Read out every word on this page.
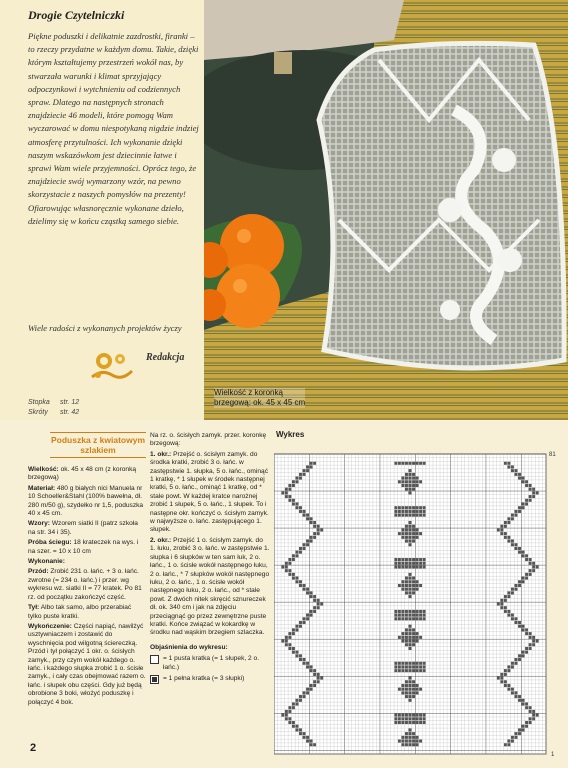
Drogie Czytelniczki

Piękne poduszki i delikatnie zazdrostki, firanki – to rzeczy przydatne w każdym domu. Takie, dzięki którym kształtujemy przestrzeń wokół nas, by stwarzała warunki i klimat sprzyjający odpoczynkowi i wytchnieniu od codziennych spraw. Dlatego na następnych stronach znajdziecie 46 modeli, które pomogą Wam wyczarować w domu niespotykaną nigdzie indziej atmosferę przytulności. Ich wykonanie dzięki naszym wskazówkom jest dziecinnie łatwe i sprawi Wam wiele przyjemności. Oprócz tego, że znajdziecie swój wymarzony wzór, na pewno skorzystacie z naszych pomysłów na prezenty! Ofiarowując własnoręcznie wykonane dzieło, dzielimy się w końcu cząstką samego siebie.

Wiele radości z wykonanych projektów życzy
Redakcja
Stopka str. 12
Skróty str. 42
Wielkość z koronką
brzegową: ok. 45 x 45 cm
Poduszka z kwiatowym szlakiem

Wielkość: ok. 45 x 48 cm (z koronką brzegową)

Materiał: 480 g białych nici Manuela nr 10 Schoeller&Stahl (100% bawełna, dł. 280 m/50 g), szydełko nr 1,5, poduszka 40 x 45 cm.

Wzory: Wzorem siatki II (patrz szkoła na str. 34 i 35).

Próba ściegu: 18 krateczek na wys. i na szer. = 10 x 10 cm

Wykonanie:

Przód: Zrobić 231 o. łańc. + 3 o. łańc. zwrotne (= 234 o. łańc.) i przer. wg wykresu wz. siatki II = 77 kratek. Po 81 rz. od początku zakończyć część.

Tył: Albo tak samo, albo przerabiać tylko puste kratki.

Wykończenie: Części napiąć, nawilżyć usztywniaczem i zostawić do wyschnięcia pod wilgotną ściereczką. Przód i tył połączyć 1 okr. o. ścisłych zamyk., przy czym wokół każdego o. łańc. i każdego słupka zrobić 1 o. ścisłe zamyk., i cały czas obejmować razem o. łańc. i słupek obu części. Gdy już będą obrobione 3 boki, włożyć poduszkę i połączyć 4 bok.

Na rz. o. ścisłych zamyk. przer. koronkę brzegową:

1. okr.: Przejść o. ścisłym zamyk. do środka kratki, zrobić 3 o. łańc. w zastępstwie 1. słupka, 5 o. łańc., ominąć 1 kratkę, * 1 słupek w środek następnej kratki, 5 o. łańc., ominąć 1 kratkę, od * stale powt. W każdej kratce narożnej zrobić 1 słupek, 5 o. łańc., 1 słupek. To i następne okr. kończyć o. ścisłym zamyk. w najwyższe o. łańc. zastępującego 1. słupek.

2. okr.: Przejść 1 o. ścisłym zamyk. do 1. łuku, zrobić 3 o. łańc. w zastępstwie 1. słupka i 6 słupków w ten sam łuk, 2 o. łańc., 1 o. ścisłe wokół następnego łuku, 2 o. łańc., * 7 słupków wokół następnego łuku, 2 o. łańc., 1 o. ścisłe wokół następnego łuku, 2 o. łańc., od * stale powt. Z dwóch nitek skręcić sznureczek dł. ok. 340 cm i jak na zdjęciu przeciągnąć go przez zewnętrzne puste kratki. Końce związać w kokardkę w środku nad wąskim brzegiem szlaczka.

Objaśnienia do wykresu:
= 1 pusta kratka (= 1 słupek, 2 o. łańc.)
= 1 pełna kratka (= 3 słupki)
Wykres
81
1
2
